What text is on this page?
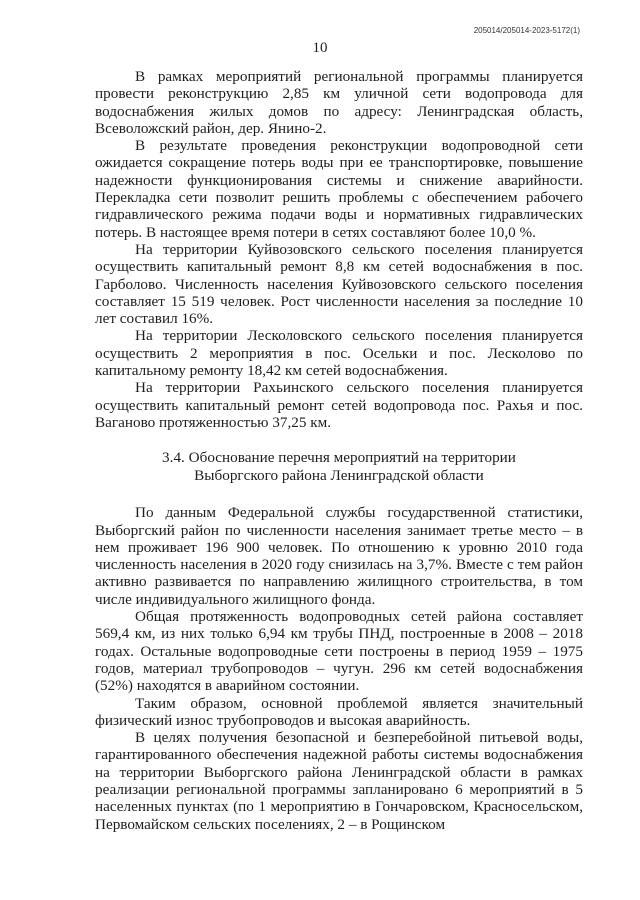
205014/205014-2023-5172(1)
10

В рамках мероприятий региональной программы планируется провести реконструкцию 2,85 км уличной сети водопровода для водоснабжения жилых домов по адресу: Ленинградская область, Всеволожский район, дер. Янино-2.

В результате проведения реконструкции водопроводной сети ожидается сокращение потерь воды при ее транспортировке, повышение надежности функционирования системы и снижение аварийности. Перекладка сети позволит решить проблемы с обеспечением рабочего гидравлического режима подачи воды и нормативных гидравлических потерь. В настоящее время потери в сетях составляют более 10,0 %.

На территории Куйвозовского сельского поселения планируется осуществить капитальный ремонт 8,8 км сетей водоснабжения в пос. Гарболово. Численность населения Куйвозовского сельского поселения составляет 15 519 человек. Рост численности населения за последние 10 лет составил 16%.

На территории Лесколовского сельского поселения планируется осуществить 2 мероприятия в пос. Осельки и пос. Лесколово по капитальному ремонту 18,42 км сетей водоснабжения.

На территории Рахьинского сельского поселения планируется осуществить капитальный ремонт сетей водопровода пос. Рахья и пос. Ваганово протяженностью 37,25 км.

3.4. Обоснование перечня мероприятий на территории
Выборгского района Ленинградской области

По данным Федеральной службы государственной статистики, Выборгский район по численности населения занимает третье место – в нем проживает 196 900 человек. По отношению к уровню 2010 года численность населения в 2020 году снизилась на 3,7%. Вместе с тем район активно развивается по направлению жилищного строительства, в том числе индивидуального жилищного фонда.

Общая протяженность водопроводных сетей района составляет 569,4 км, из них только 6,94 км трубы ПНД, построенные в 2008 – 2018 годах. Остальные водопроводные сети построены в период 1959 – 1975 годов, материал трубопроводов – чугун. 296 км сетей водоснабжения (52%) находятся в аварийном состоянии.

Таким образом, основной проблемой является значительный физический износ трубопроводов и высокая аварийность.

В целях получения безопасной и безперебойной питьевой воды, гарантированного обеспечения надежной работы системы водоснабжения на территории Выборгского района Ленинградской области в рамках реализации региональной программы запланировано 6 мероприятий в 5 населенных пунктах (по 1 мероприятию в Гончаровском, Красносельском, Первомайском сельских поселениях, 2 – в Рощинском
